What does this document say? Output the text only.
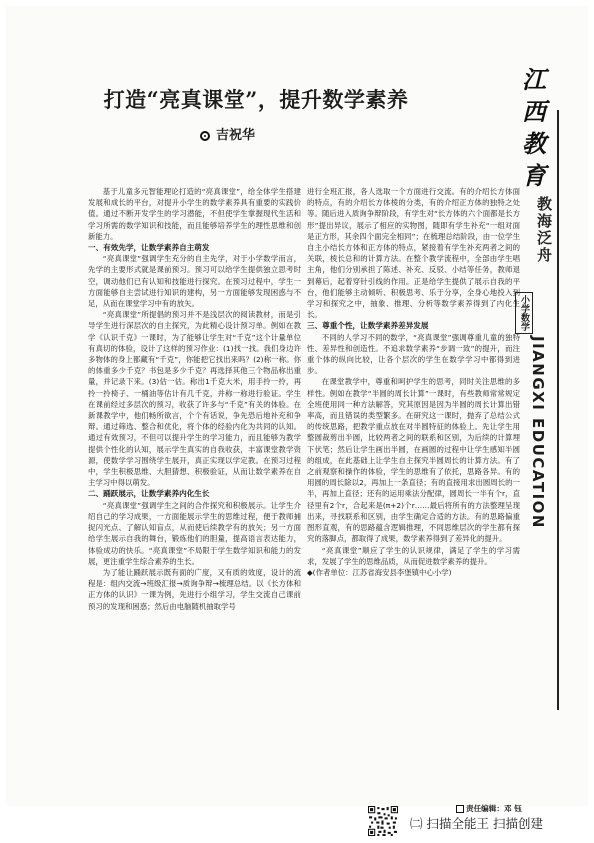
打造“亮真课堂”，提升数学素养
吉祝华

基于儿童多元智能理论打造的“亮真课堂”，给全体学生搭建发展和成长的平台，对提升小学生的数学素养具有重要的实践价值。通过不断开发学生的学习潜能，不但使学生掌握现代生活和学习所需的数学知识和技能，而且能够培养学生的理性思维和创新能力。

一、有效先学，让数学素养自主萌发

“亮真课堂”强调学生充分的自主先学，对于小学数学而言，先学的主要形式就是课前预习。预习可以给学生提供独立思考时空，调动他们已有认知和技能进行探究。在预习过程中，学生一方面能够自主尝试进行知识的建构，另一方面能够发现困惑与不足，从而在课堂学习中有的放矢。

“亮真课堂”所提倡的预习并不是浅层次的阅读教材，而是引导学生进行深层次的自主探究，为此精心设计预习单。例如在教学《认识千克》一课时，为了能够让学生对“千克”这个计量单位有真切的体验，设计了这样的预习作业：(1)找一找。我们身边许多物体的身上都藏有“千克”，你能把它找出来吗？(2)称一称。你的体重多少千克？书包是多少千克？再选择其他三个物品称出重量，并记录下来。(3)估一估。称出1千克大米，用手拎一拎，再拎一拎椅子、一桶油等估计有几千克，并称一称进行验证。学生在课前经过多层次的预习，收获了许多与“千克”有关的体验。在新课教学中，他们畅所欲言，个个有话说，争先恐后地补充和争辩。通过筛选、整合和优化，将个体的经验内化为共同的认知。通过有效预习，不但可以提升学生的学习能力，而且能够为教学提供个性化的认知，展示学生真实的自我收获，丰富课堂教学资源，使数学学习围绕学生展开，真正实现以学定教。在预习过程中，学生积极思维、大胆猜想、积极验证，从而让数学素养在自主学习中得以萌发。

二、踊跃展示，让数学素养内化生长

“亮真课堂”强调学生之间的合作探究和积极展示。让学生介绍自己的学习成果，一方面能展示学生的思维过程，便于教师捕捉闪光点、了解认知盲点，从而使后续教学有的放矢；另一方面给学生展示自我的舞台，锻炼他们的胆量，提高语言表达能力，体验成功的快乐。“亮真课堂”不局限于学生数学知识和能力的发展，更注重学生综合素养的生长。

为了能让踊跃展示既有面的广度，又有质的效度，设计的流程是：组内交流→班级汇报→质询争辩→梳理总结。以《长方体和正方体的认识》一课为例，先进行小组学习，学生交流自己课前预习的发现和困惑；然后由电脑随机抽取学号

进行全班汇报，各人选取一个方面进行交流。有的介绍长方体面的特点，有的介绍长方体棱的分类，有的介绍正方体的独特之处等。随后进入质询争辩阶段，有学生对“长方体的六个面都是长方形”提出异议，展示了相应的实物图，随即有学生补充“一组对面是正方形，其余四个面完全相同”；在梳理总结阶段，由一位学生自主小结长方体和正方体的特点，紧接着有学生补充两者之间的关联，棱长总和的计算方法。在整个教学流程中，全部由学生唱主角，他们分别承担了陈述、补充、反驳、小结等任务，教师退到幕后，起着穿针引线的作用。正是给学生提供了展示自我的平台，他们能够主动倾听、积极思考、乐于分享，全身心地投入到学习和探究之中，抽象、推理、分析等数学素养得到了内化生长。

三、尊重个性，让数学素养差异发展

不同的人学习不同的数学，“亮真课堂”强调尊重儿童的独特性、差异性和创造性。不追求数学素养“步调一致”的提升，而注重个体的纵向比较，让各个层次的学生在数学学习中都得到进步。

在课堂教学中，尊重和呵护学生的思考，同时关注思维的多样性。例如在教学“半圆的周长计算”一课时，有些教师常常规定全班使用同一种方法解答，究其原因是因为半圆的周长计算出错率高，而且错误的类型繁多。在研究这一课时，抛弃了总结公式的传统思路，把教学重点放在对半圆特征的体验上。先让学生用整圆裁剪出半圆，比较两者之间的联系和区别，为后续的计算埋下伏笔；然后让学生画出半圆，在画圆的过程中让学生感知半圆的组成，在此基础上让学生自主探究半圆周长的计算方法。有了之前观察和操作的体验，学生的思维有了依托，思路各异。有的用圆的周长除以2，再加上一条直径；有的直接用求出圆周长的一半，再加上直径；还有的运用乘法分配律，圆周长一半有个r，直径里有2个r，合起来是(π+2)个r……最后将所有的方法整理呈现出来，寻找联系和区别，由学生确定合适的方法。有的思路偏重图形直观，有的思路蕴含逻辑推理，不同思维层次的学生都有探究的落脚点，都取得了成果，数学素养得到了差异化的提升。

“亮真课堂”顺应了学生的认识规律，满足了学生的学习需求，发展了学生的思维品质，从而促进数学素养的提升。

◆(作者单位：江苏省海安县李堡镇中心小学)

责任编辑：邓 钰
江西教育
教海泛舟
小学数学
JIANGXI EDUCATION
㈡ 扫描全能王 扫描创建
